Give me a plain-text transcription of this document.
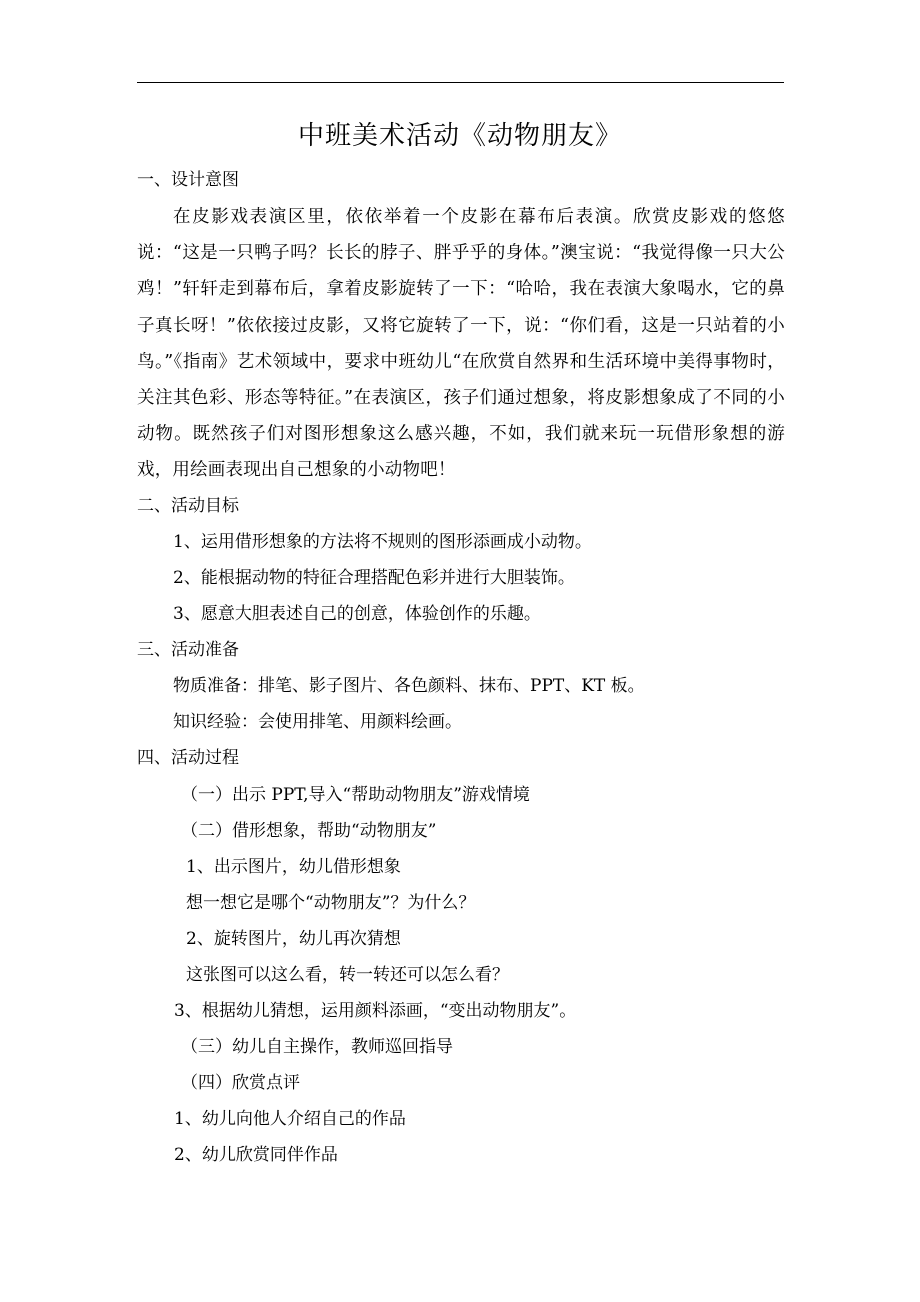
中班美术活动《动物朋友》
一、设计意图
在皮影戏表演区里，依依举着一个皮影在幕布后表演。欣赏皮影戏的悠悠说：“这是一只鸭子吗？长长的脖子、胖乎乎的身体。”澳宝说：“我觉得像一只大公鸡！”轩轩走到幕布后，拿着皮影旋转了一下：“哈哈，我在表演大象喝水，它的鼻子真长呀！”依依接过皮影，又将它旋转了一下，说：“你们看，这是一只站着的小鸟。”《指南》艺术领域中，要求中班幼儿“在欣赏自然界和生活环境中美得事物时，关注其色彩、形态等特征。”在表演区，孩子们通过想象，将皮影想象成了不同的小动物。既然孩子们对图形想象这么感兴趣，不如，我们就来玩一玩借形象想的游戏，用绘画表现出自己想象的小动物吧！
二、活动目标
1、运用借形想象的方法将不规则的图形添画成小动物。
2、能根据动物的特征合理搭配色彩并进行大胆装饰。
3、愿意大胆表述自己的创意，体验创作的乐趣。
三、活动准备
物质准备：排笔、影子图片、各色颜料、抹布、PPT、KT 板。
知识经验：会使用排笔、用颜料绘画。
四、活动过程
（一）出示 PPT,导入“帮助动物朋友”游戏情境
（二）借形想象，帮助“动物朋友”
1、出示图片，幼儿借形想象
想一想它是哪个“动物朋友”？为什么？
2、旋转图片，幼儿再次猜想
这张图可以这么看，转一转还可以怎么看？
3、根据幼儿猜想，运用颜料添画，“变出动物朋友”。
（三）幼儿自主操作，教师巡回指导
（四）欣赏点评
1、幼儿向他人介绍自己的作品
2、幼儿欣赏同伴作品
